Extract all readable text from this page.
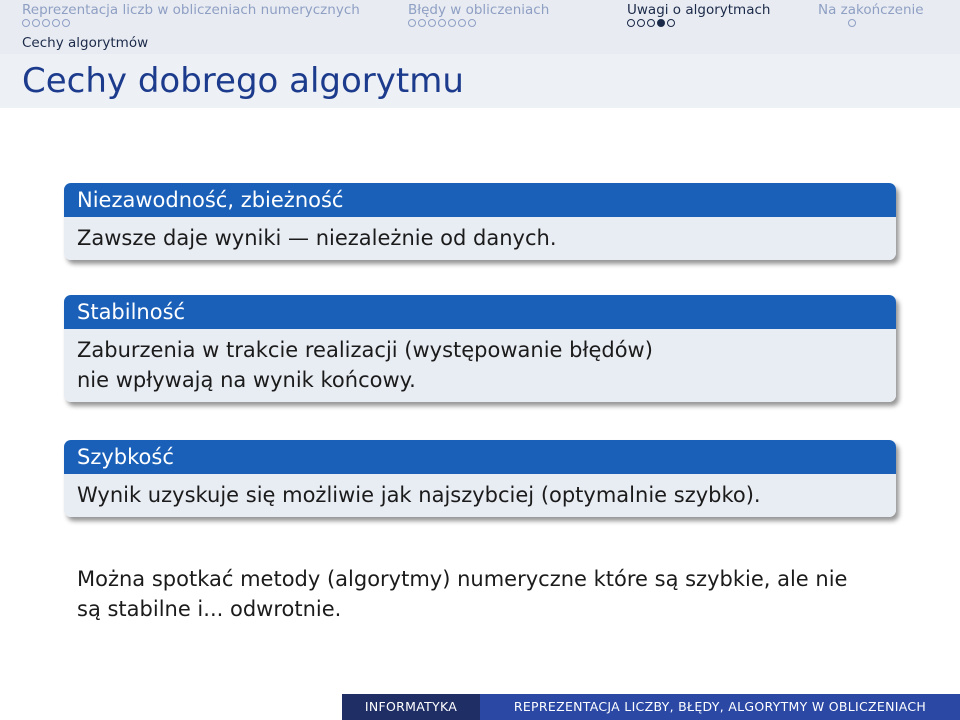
Reprezentacja liczb w obliczeniach numerycznych	Błędy w obliczeniach	Uwagi o algorytmach	Na zakończenie
Cechy algorytmów
Cechy dobrego algorytmu
Niezawodność, zbieżność
Zawsze daje wyniki — niezależnie od danych.
Stabilność
Zaburzenia w trakcie realizacji (występowanie błędów)
nie wpływają na wynik końcowy.
Szybkość
Wynik uzyskuje się możliwie jak najszybciej (optymalnie szybko).
Można spotkać metody (algorytmy) numeryczne które są szybkie, ale nie
są stabilne i... odwrotnie.
INFORMATYKA	REPREZENTACJA LICZBY, BŁĘDY, ALGORYTMY W OBLICZENIACH
